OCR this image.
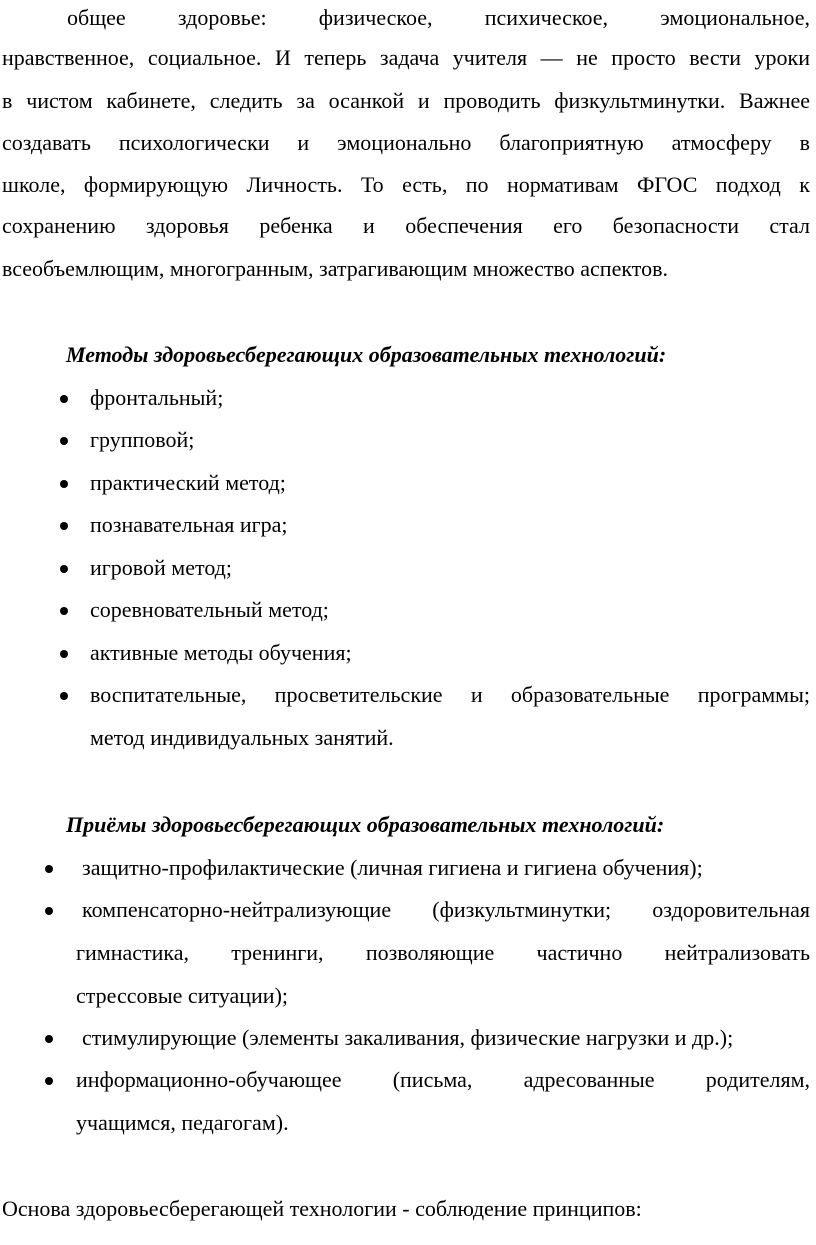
общее здоровье: физическое, психическое, эмоциональное,
нравственное, социальное. И теперь задача учителя — не просто вести уроки
в чистом кабинете, следить за осанкой и проводить физкультминутки. Важнее
создавать психологически и эмоционально благоприятную атмосферу в
школе, формирующую Личность. То есть, по нормативам ФГОС подход к
сохранению здоровья ребенка и обеспечения его безопасности стал
всеобъемлющим, многогранным, затрагивающим множество аспектов.
Методы здоровьесберегающих образовательных технологий:
фронтальный;
групповой;
практический метод;
познавательная игра;
игровой метод;
соревновательный метод;
активные методы обучения;
воспитательные, просветительские и образовательные программы;
метод индивидуальных занятий.
Приёмы здоровьесберегающих образовательных технологий:
защитно-профилактические (личная гигиена и гигиена обучения);
компенсаторно-нейтрализующие (физкультминутки; оздоровительная
гимнастика, тренинги, позволяющие частично нейтрализовать
стрессовые ситуации);
стимулирующие (элементы закаливания, физические нагрузки и др.);
информационно-обучающее (письма, адресованные родителям,
учащимся, педагогам).
Основа здоровьесберегающей технологии - соблюдение принципов:
